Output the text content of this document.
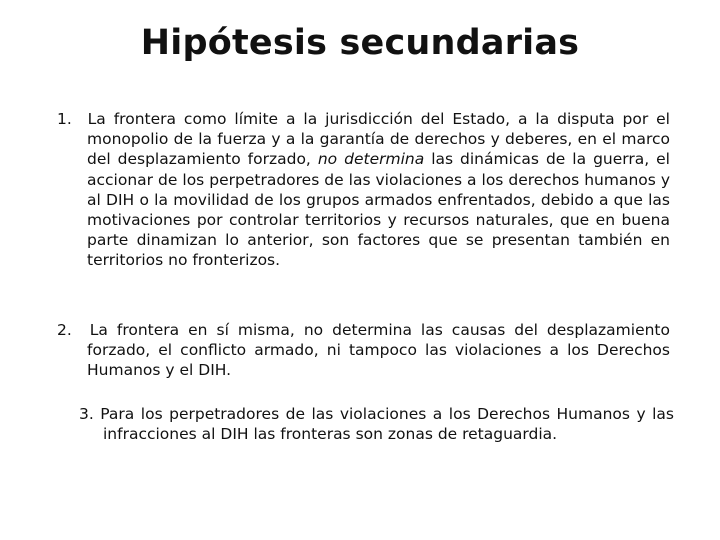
Hipótesis secundarias
1. La frontera como límite a la jurisdicción del Estado, a la disputa por el monopolio de la fuerza y a la garantía de derechos y deberes, en el marco del desplazamiento forzado, no determina las dinámicas de la guerra, el accionar de los perpetradores de las violaciones a los derechos humanos y al DIH o la movilidad de los grupos armados enfrentados, debido a que las motivaciones por controlar territorios y recursos naturales, que en buena parte dinamizan lo anterior, son factores que se presentan también en territorios no fronterizos.
2. La frontera en sí misma, no determina las causas del desplazamiento forzado, el conflicto armado, ni tampoco las violaciones a los Derechos Humanos y el DIH.
3. Para los perpetradores de las violaciones a los Derechos Humanos y las infracciones al DIH las fronteras son zonas de retaguardia.
